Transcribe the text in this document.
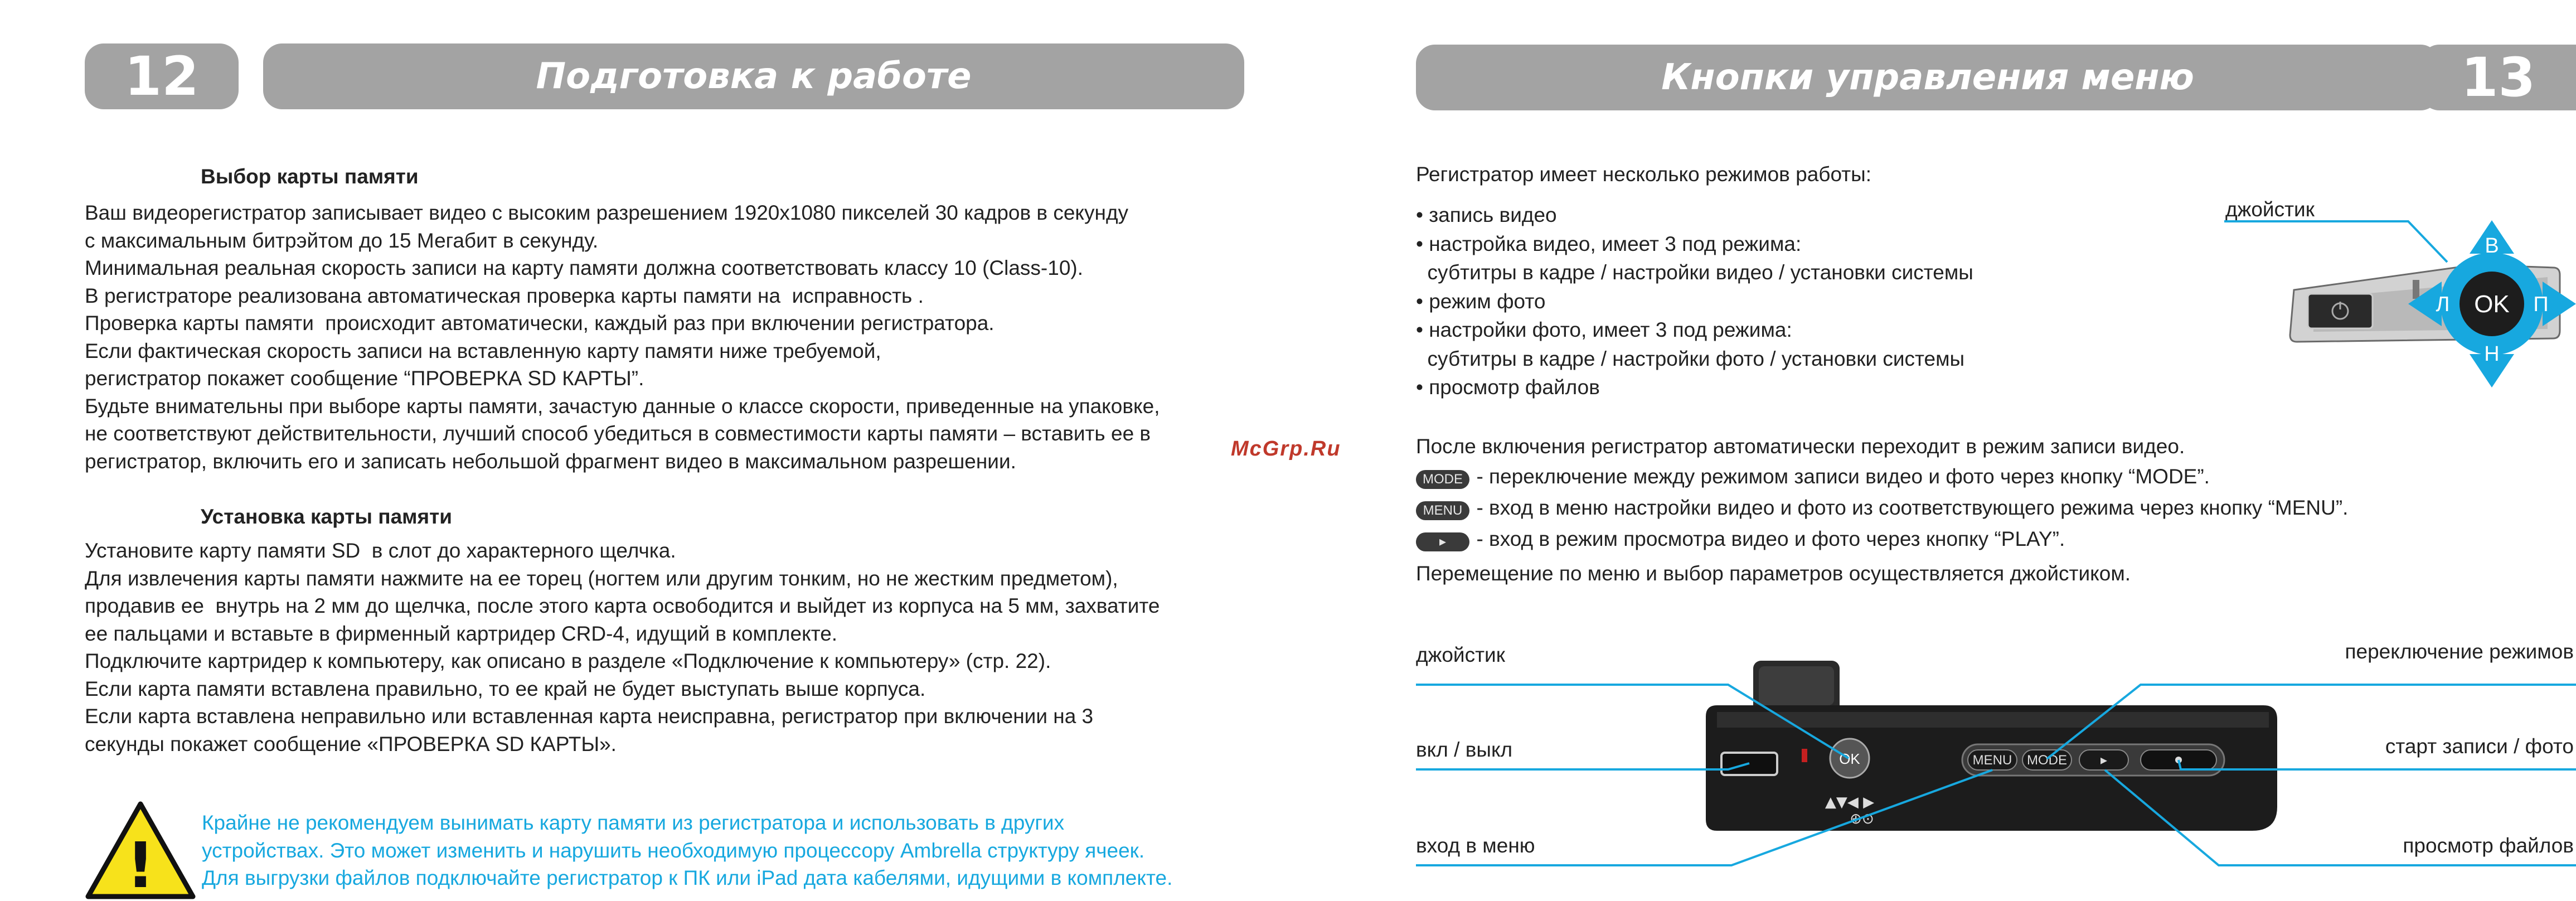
12	Подготовка к работе
Выбор карты памяти
Ваш видеорегистратор записывает видео с высоким разрешением 1920x1080 пикселей 30 кадров в секунду
с максимальным битрэйтом до 15 Мегабит в секунду.
Минимальная реальная скорость записи на карту памяти должна соответствовать классу 10 (Class-10).
В регистраторе реализована автоматическая проверка карты памяти на  исправность .
Проверка карты памяти  происходит автоматически, каждый раз при включении регистратора.
Если фактическая скорость записи на вставленную карту памяти ниже требуемой,
регистратор покажет сообщение “ПРОВЕРКА SD КАРТЫ”.
Будьте внимательны при выборе карты памяти, зачастую данные о классе скорости, приведенные на упаковке,
не соответствуют действительности, лучший способ убедиться в совместимости карты памяти – вставить ее в
регистратор, включить его и записать небольшой фрагмент видео в максимальном разрешении.
Установка карты памяти
Установите карту памяти SD  в слот до характерного щелчка.
Для извлечения карты памяти нажмите на ее торец (ногтем или другим тонким, но не жестким предметом),
продавив ее  внутрь на 2 мм до щелчка, после этого карта освободится и выйдет из корпуса на 5 мм, захватите
ее пальцами и вставьте в фирменный картридер CRD-4, идущий в комплекте.
Подключите картридер к компьютеру, как описано в разделе «Подключение к компьютеру» (стр. 22).
Если карта памяти вставлена правильно, то ее край не будет выступать выше корпуса.
Если карта вставлена неправильно или вставленная карта неисправна, регистратор при включении на 3
секунды покажет сообщение «ПРОВЕРКА SD КАРТЫ».
!
Крайне не рекомендуем вынимать карту памяти из регистратора и использовать в других
устройствах. Это может изменить и нарушить необходимую процессору Ambrella структуру ячеек.
Для выгрузки файлов подключайте регистратор к ПК или iPad дата кабелями, идущими в комплекте.
McGrp.Ru
Кнопки управления меню	13
Регистратор имеет несколько режимов работы:
• запись видео
• настройка видео, имеет 3 под режима:
субтитры в кадре / настройки видео / установки системы
• режим фото
• настройки фото, имеет 3 под режима:
субтитры в кадре / настройки фото / установки системы
• просмотр файлов
джойстик
В
Н
Л	П
OK
После включения регистратор автоматически переходит в режим записи видео.
MODE - переключение между режимом записи видео и фото через кнопку “MODE”.
MENU - вход в меню настройки видео и фото из соответствующего режима через кнопку “MENU”.
▸ - вход в режим просмотра видео и фото через кнопку “PLAY”.
Перемещение по меню и выбор параметров осуществляется джойстиком.
джойстик
вкл / выкл
вход в меню
переключение режимов
старт записи / фото
просмотр файлов
OK
▲▼◀ ▶
⊕⊙
MENU MODE ▸
